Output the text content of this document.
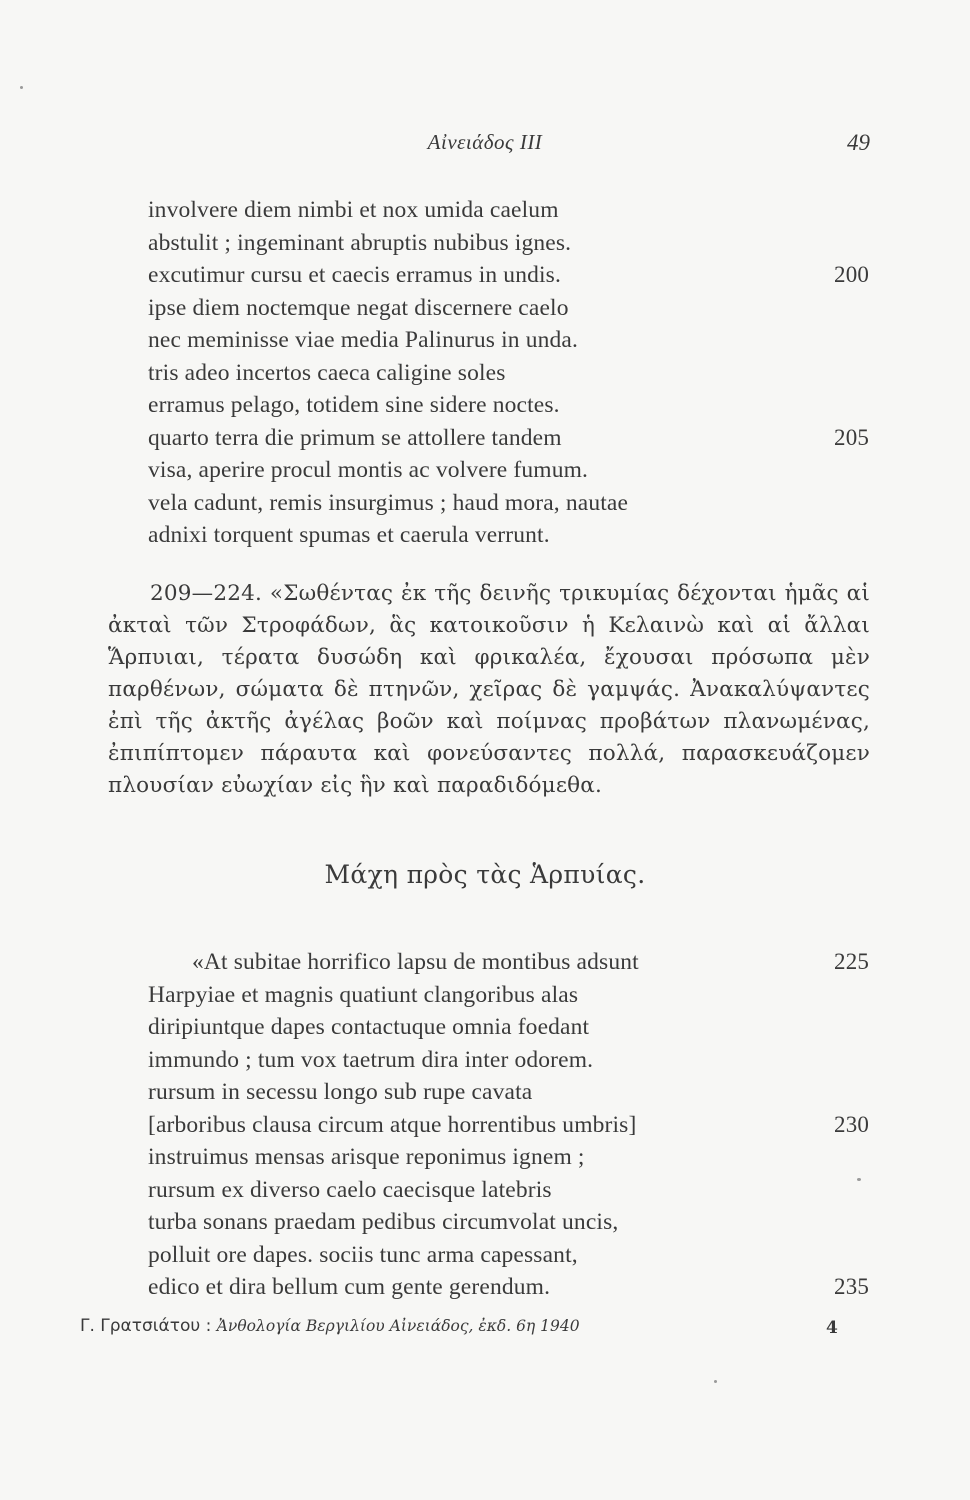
Αἰνειάδος III	49
involvere diem nimbi et nox umida caelum
abstulit ; ingeminant abruptis nubibus ignes.
excutimur cursu et caecis erramus in undis.	200
ipse diem noctemque negat discernere caelo
nec meminisse viae media Palinurus in unda.
tris adeo incertos caeca caligine soles
erramus pelago, totidem sine sidere noctes.
quarto terra die primum se attollere tandem	205
visa, aperire procul montis ac volvere fumum.
vela cadunt, remis insurgimus ; haud mora, nautae
adnixi torquent spumas et caerula verrunt.
209—224. «Σωθέντας ἐκ τῆς δεινῆς τρικυμίας δέχονται ἡμᾶς αἱ ἀκταὶ τῶν Στροφάδων, ἃς κατοικοῦσιν ἡ Κελαινὼ καὶ αἱ ἄλλαι Ἅρπυιαι, τέρατα δυσώδη καὶ φρικαλέα, ἔχουσαι πρόσωπα μὲν παρθένων, σώματα δὲ πτηνῶν, χεῖρας δὲ γαμψάς. Ἀνακαλύψαντες ἐπὶ τῆς ἀκτῆς ἀγέλας βοῶν καὶ ποίμνας προβάτων πλανωμένας, ἐπιπίπτομεν πάραυτα καὶ φονεύσαντες πολλά, παρασκευάζομεν πλουσίαν εὐωχίαν εἰς ἣν καὶ παραδιδόμεθα.
Μάχη πρὸς τὰς Ἁρπυίας.
«At subitae horrifico lapsu de montibus adsunt	225
Harpyiae et magnis quatiunt clangoribus alas
diripiuntque dapes contactuque omnia foedant
immundo ; tum vox taetrum dira inter odorem.
rursum in secessu longo sub rupe cavata
[arboribus clausa circum atque horrentibus umbris]	230
instruimus mensas arisque reponimus ignem ;
rursum ex diverso caelo caecisque latebris
turba sonans praedam pedibus circumvolat uncis,
polluit ore dapes. sociis tunc arma capessant,
edico et dira bellum cum gente gerendum.	235
Γ. Γρατσιάτου : Ἀνθολογία Βεργιλίου Αἰνειάδος, ἐκδ. 6η 1940	4
